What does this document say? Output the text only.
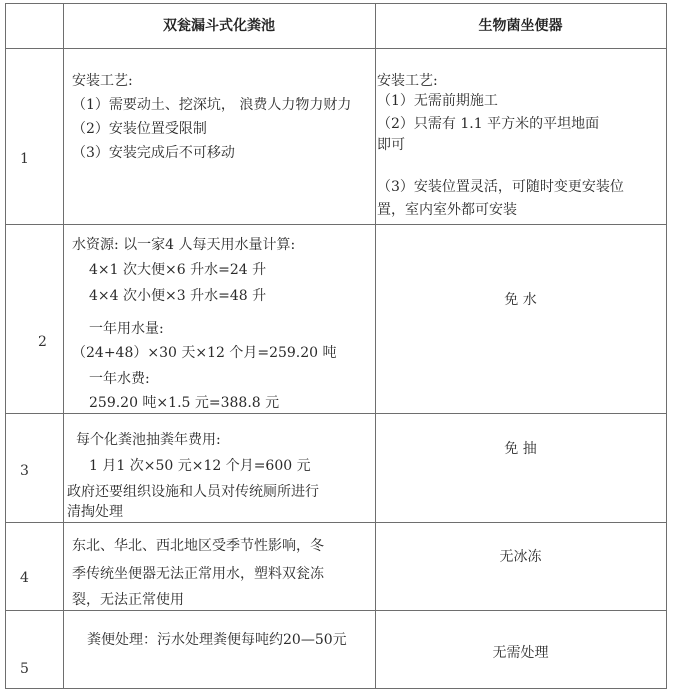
双瓮漏斗式化粪池	生物菌坐便器
1
安装工艺:
（1）需要动土、挖深坑， 浪费人力物力财力
（2）安装位置受限制
（3）安装完成后不可移动
安装工艺:
（1）无需前期施工
（2）只需有 1.1 平方米的平坦地面
即可
（3）安装位置灵活，可随时变更安装位
置，室内室外都可安装
2
水资源: 以一家4 人每天用水量计算:
4×1 次大便×6 升水=24 升
4×4 次小便×3 升水=48 升
一年用水量:
（24+48）×30 天×12 个月=259.20 吨
一年水费:
259.20 吨×1.5 元=388.8 元
免 水
3
每个化粪池抽粪年费用:
1 月1 次×50 元×12 个月=600 元
政府还要组织设施和人员对传统厕所进行
清掏处理
免 抽
4
东北、华北、西北地区受季节性影响，冬
季传统坐便器无法正常用水，塑料双瓮冻
裂，无法正常使用
无冰冻
5
粪便处理：污水处理粪便每吨约20—50元
无需处理
